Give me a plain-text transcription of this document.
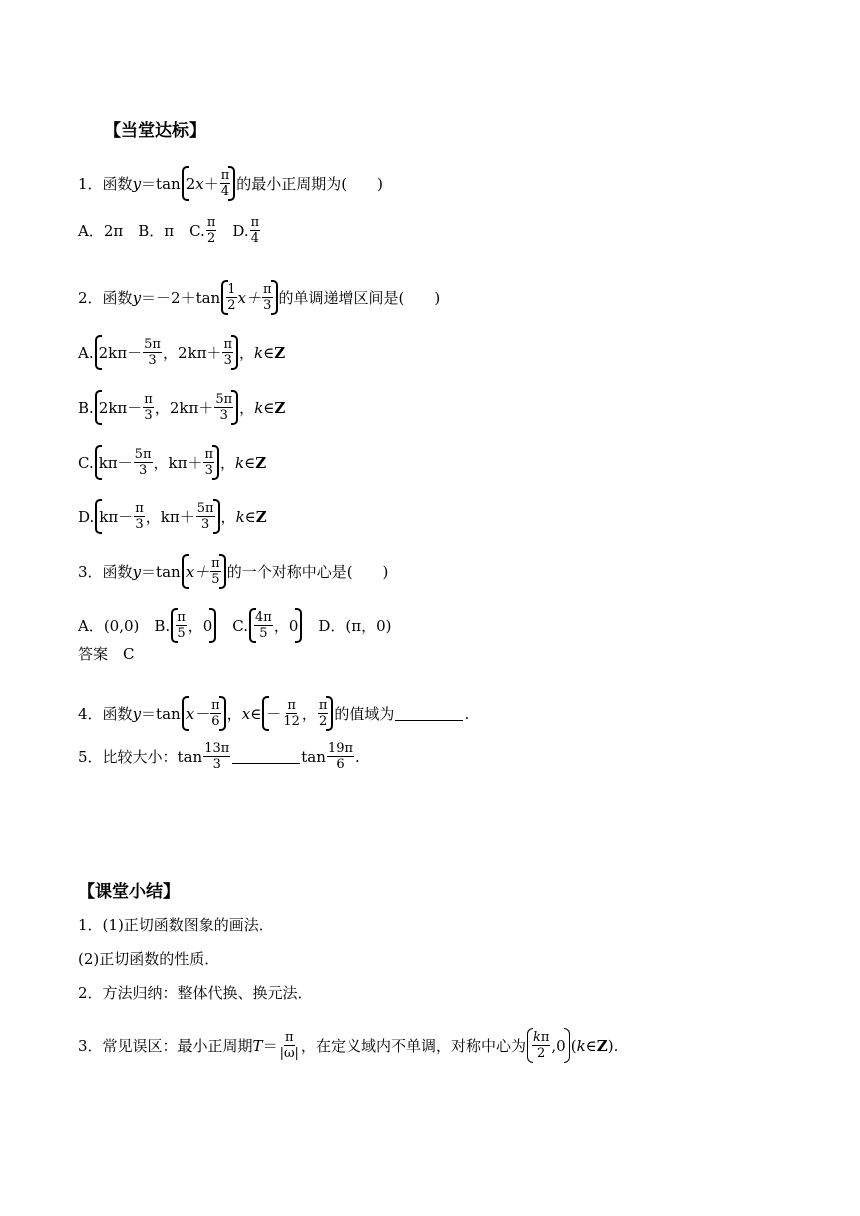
【当堂达标】
1． 函数 y ＝tan $2x+ \frac{\pi}{4}$ 的最小正周期为(　　)
A．2π　B．π　C. $\frac{\pi}{2}$ 　D. $\frac{\pi}{4}$
2． 函数 $y =-2+\tan \frac{1}{2} x+ \frac{\pi}{3}$ 的单调递增区间是(　　)
A. $2k\pi- \frac{5\pi}{3}$ ，$2k\pi+ \frac{\pi}{3}$ ， k ∈ Z
B. $2k\pi- \frac{\pi}{3}$ ，$2k\pi+ \frac{5\pi}{3}$ ， k ∈ Z
C. $k\pi- \frac{5\pi}{3}$ ，$k\pi+ \frac{\pi}{3}$ ， k ∈ Z
D. $k\pi- \frac{\pi}{3}$ ，$k\pi+ \frac{5\pi}{3}$ ， k ∈ Z
3． 函数 y ＝tan $x+ \frac{\pi}{5}$ 的一个对称中心是(　　)
A．(0,0)　B. $\frac{\pi}{5}$ ，0 　C. $\frac{4\pi}{5}$ ，0 　D．(π，0)
答案　C
4． 函数 y ＝tan $x- \frac{\pi}{6}$ ， x ∈ － $\frac{\pi}{12}$ ， $\frac{\pi}{2}$ 的值域为	.
5． 比较大小：$\tan \frac{13\pi}{3}$	$\tan \frac{19\pi}{6}$ .
【课堂小结】
1．(1)正切函数图象的画法．
(2)正切函数的性质．
2．方法归纳：整体代换、换元法．
3．常见误区：最小正周期 $T = \frac{\pi}{|\omega|}$ ，在定义域内不单调，对称中心为 $\frac{k\pi}{2} ,0$ ( k ∈ Z ).
